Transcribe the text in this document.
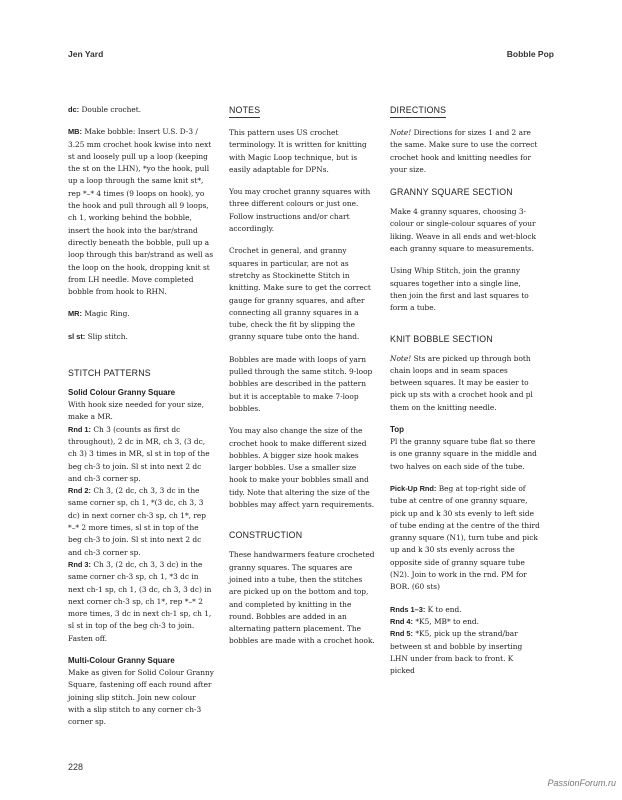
Jen Yard	Bobble Pop

dc: Double crochet.

MB: Make bobble: Insert U.S. D-3 / 3.25 mm crochet hook kwise into next st and loosely pull up a loop (keeping the st on the LHN), *yo the hook, pull up a loop through the same knit st*, rep *–* 4 times (9 loops on hook), yo the hook and pull through all 9 loops, ch 1, working behind the bobble, insert the hook into the bar/strand directly beneath the bobble, pull up a loop through this bar/strand as well as the loop on the hook, dropping knit st from LH needle. Move completed bobble from hook to RHN.

MR: Magic Ring.

sl st: Slip stitch.

STITCH PATTERNS
Solid Colour Granny Square

With hook size needed for your size, make a MR.

Rnd 1: Ch 3 (counts as first dc throughout), 2 dc in MR, ch 3, (3 dc, ch 3) 3 times in MR, sl st in top of the beg ch-3 to join. Sl st into next 2 dc and ch-3 corner sp.

Rnd 2: Ch 3, (2 dc, ch 3, 3 dc in the same corner sp, ch 1, *(3 dc, ch 3, 3 dc) in next corner ch-3 sp, ch 1*, rep *–* 2 more times, sl st in top of the beg ch-3 to join. Sl st into next 2 dc and ch-3 corner sp.

Rnd 3: Ch 3, (2 dc, ch 3, 3 dc) in the same corner ch-3 sp, ch 1, *3 dc in next ch-1 sp, ch 1, (3 dc, ch 3, 3 dc) in next corner ch-3 sp, ch 1*, rep *–* 2 more times, 3 dc in next ch-1 sp, ch 1, sl st in top of the beg ch-3 to join.

Fasten off.

Multi-Colour Granny Square

Make as given for Solid Colour Granny Square, fastening off each round after joining slip stitch. Join new colour with a slip stitch to any corner ch-3 corner sp.

NOTES

This pattern uses US crochet terminology. It is written for knitting with Magic Loop technique, but is easily adaptable for DPNs.

You may crochet granny squares with three different colours or just one. Follow instructions and/or chart accordingly.

Crochet in general, and granny squares in particular, are not as stretchy as Stockinette Stitch in knitting. Make sure to get the correct gauge for granny squares, and after connecting all granny squares in a tube, check the fit by slipping the granny square tube onto the hand.

Bobbles are made with loops of yarn pulled through the same stitch. 9-loop bobbles are described in the pattern but it is acceptable to make 7-loop bobbles.

You may also change the size of the crochet hook to make different sized bobbles. A bigger size hook makes larger bobbles. Use a smaller size hook to make your bobbles small and tidy. Note that altering the size of the bobbles may affect yarn requirements.

CONSTRUCTION

These handwarmers feature crocheted granny squares. The squares are joined into a tube, then the stitches are picked up on the bottom and top, and completed by knitting in the round. Bobbles are added in an alternating pattern placement. The bobbles are made with a crochet hook.

DIRECTIONS

Note! Directions for sizes 1 and 2 are the same. Make sure to use the correct crochet hook and knitting needles for your size.

GRANNY SQUARE SECTION

Make 4 granny squares, choosing 3-colour or single-colour squares of your liking. Weave in all ends and wet-block each granny square to measurements.

Using Whip Stitch, join the granny squares together into a single line, then join the first and last squares to form a tube.

KNIT BOBBLE SECTION

Note! Sts are picked up through both chain loops and in seam spaces between squares. It may be easier to pick up sts with a crochet hook and pl them on the knitting needle.

Top

Pl the granny square tube flat so there is one granny square in the middle and two halves on each side of the tube.

Pick-Up Rnd: Beg at top-right side of tube at centre of one granny square, pick up and k 30 sts evenly to left side of tube ending at the centre of the third granny square (N1), turn tube and pick up and k 30 sts evenly across the opposite side of granny square tube (N2). Join to work in the rnd. PM for BOR. (60 sts)

Rnds 1–3: K to end.

Rnd 4: *K5, MB* to end.

Rnd 5: *K5, pick up the strand/bar between st and bobble by inserting LHN under from back to front. K picked

228
PassionForum.ru
